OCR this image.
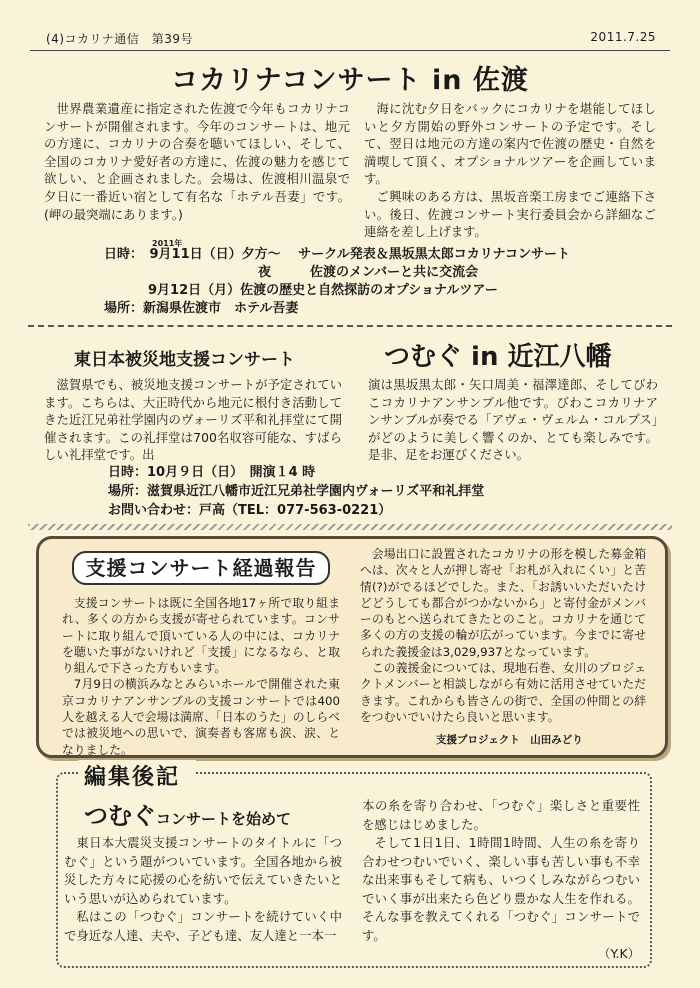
(4)コカリナ通信　第39号	2011.7.25
コカリナコンサート in 佐渡

世界農業遺産に指定された佐渡で今年もコカリナコンサートが開催されます。今年のコンサートは、地元の方達に、コカリナの合奏を聴いてほしい、そして、全国のコカリナ愛好者の方達に、佐渡の魅力を感じて欲しい、と企画されました。会場は、佐渡相川温泉で夕日に一番近い宿として有名な「ホテル吾妻」です。(岬の最突端にあります。)

海に沈む夕日をバックにコカリナを堪能してほしいと夕方開始の野外コンサートの予定です。そして、翌日は地元の方達の案内で佐渡の歴史・自然を満喫して頂く、オプショナルツアーを企画しています。

ご興味のある方は、黒坂音楽工房までご連絡下さい。後日、佐渡コンサート実行委員会から詳細なご連絡を差し上げます。

2011年
日時：　9月11日（日）夕方～　 サークル発表＆黒坂黒太郎コカリナコンサート
夜　　　佐渡のメンバーと共に交流会
9月12日（月）佐渡の歴史と自然探訪のオプショナルツアー
場所：新潟県佐渡市　ホテル吾妻
東日本被災地支援コンサート	つむぐ in 近江八幡

滋賀県でも、被災地支援コンサートが予定されています。こちらは、大正時代から地元に根付き活動してきた近江兄弟社学園内のヴォーリズ平和礼拝堂にて開催されます。この礼拝堂は700名収容可能な、すばらしい礼拝堂です。出

演は黒坂黒太郎・矢口周美・福澤達郎、そしてびわこコカリナアンサンブル他です。びわこコカリナアンサンブルが奏でる「アヴェ・ヴェルム・コルプス」がどのように美しく響くのか、とても楽しみです。是非、足をお運びください。

日時：10月９日（日）　開演１4 時
場所：滋賀県近江八幡市近江兄弟社学園内ヴォーリズ平和礼拝堂
お問い合わせ：戸高（TEL：077-563-0221）
支援コンサート経過報告

支援コンサートは既に全国各地17ヶ所で取り組まれ、多くの方から支援が寄せられています。コンサートに取り組んで頂いている人の中には、コカリナを聴いた事がないけれど「支援」になるなら、と取り組んで下さった方もいます。

7月9日の横浜みなとみらいホールで開催された東京コカリナアンサンブルの支援コンサートでは400人を越える人で会場は満席、「日本のうた」のしらべでは被災地への思いで、演奏者も客席も涙、涙、となりました。

会場出口に設置されたコカリナの形を模した募金箱へは、次々と人が押し寄せ「お札が入れにくい」と苦情(?)がでるほどでした。また、「お誘いいただいたけどどうしても都合がつかないから」と寄付金がメンバーのもとへ送られてきたとのこと。コカリナを通じて多くの方の支援の輪が広がっています。今までに寄せられた義援金は3,029,937となっています。

この義援金については、現地石巻、女川のプロジェクトメンバーと相談しながら有効に活用させていただきます。これからも皆さんの街で、全国の仲間との絆をつむいでいけたら良いと思います。

支援プロジェクト　山田みどり
編集後記
つむぐコンサートを始めて

東日本大震災支援コンサートのタイトルに「つむぐ」という題がついています。全国各地から被災した方々に応援の心を紡いで伝えていきたいという思いが込められています。

私はこの「つむぐ」コンサートを続けていく中で身近な人達、夫や、子ども達、友人達と一本一

本の糸を寄り合わせ、「つむぐ」楽しさと重要性を感じはじめました。

そして1日1日、1時間1時間、人生の糸を寄り合わせつむいでいく、楽しい事も苦しい事も不幸な出来事もそして病も、いつくしみながらつむいでいく事が出来たら色どり豊かな人生を作れる。そんな事を教えてくれる「つむぐ」コンサートです。

（Y.K）
